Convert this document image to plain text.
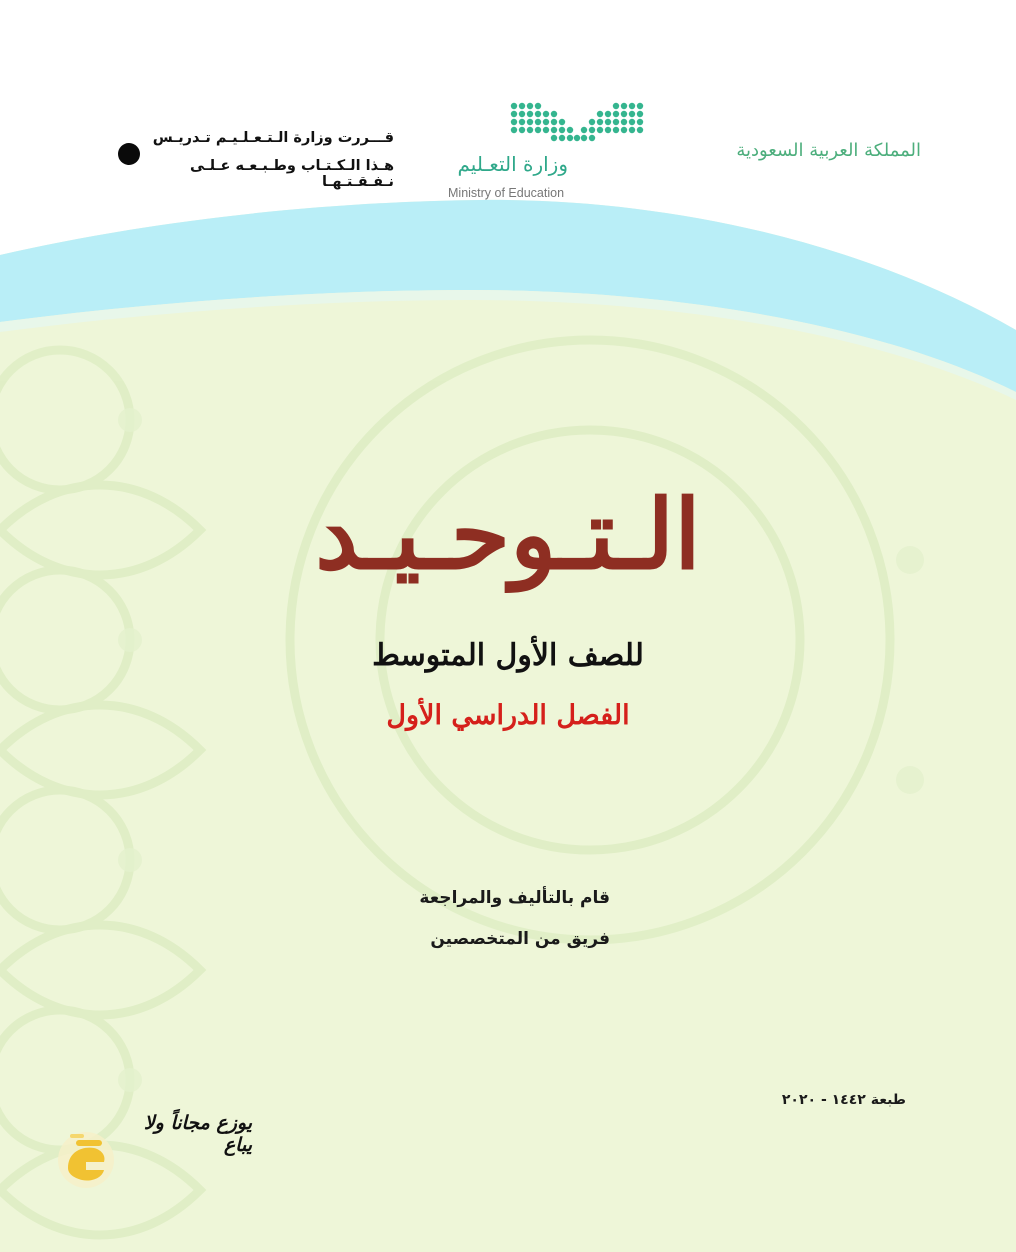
المملكة العربية السعودية
وزارة التعـليم
Ministry of Education
قـــررت وزارة الـتـعـلـيـم تـدريـس
هـذا الـكـتـاب وطـبـعـه عـلـى نـفـقـتـهـا
الـتـوحـيـد
للصف الأول المتوسط
الفصل الدراسي الأول
قام بالتأليف والمراجعة
فريق من المتخصصين
طبعة ١٤٤٢ - ٢٠٢٠
يوزع مجاناً ولا يباع
